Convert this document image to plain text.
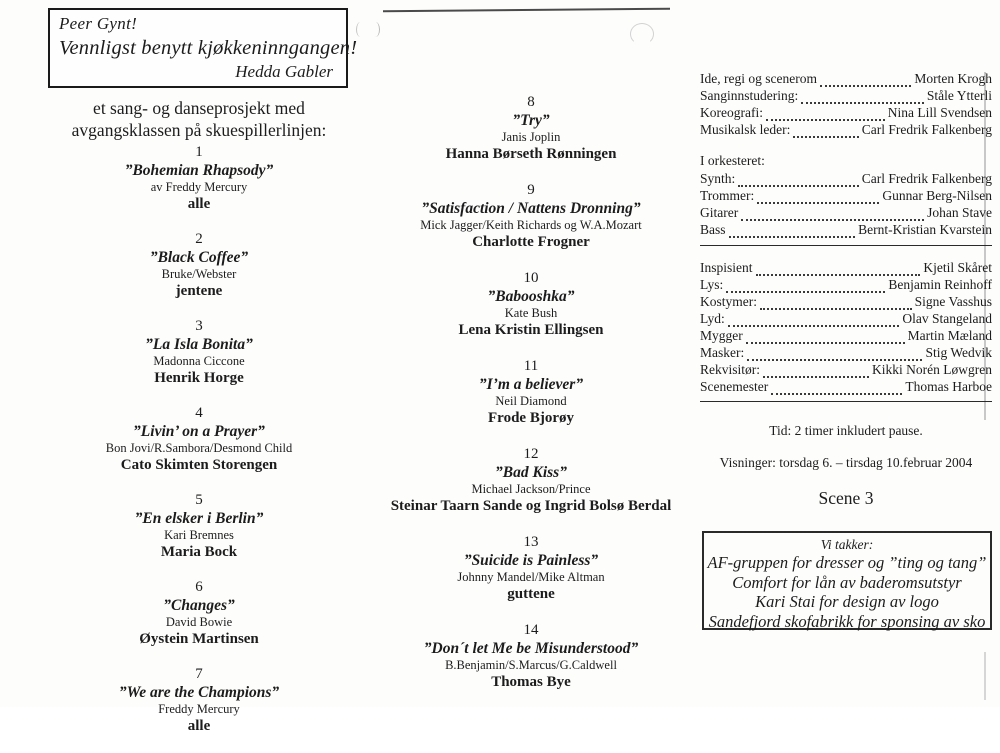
Peer Gynt!
Vennligst benytt kjøkkeninngangen!
Hedda Gabler
et sang- og danseprosjekt med
avgangsklassen på skuespillerlinjen:
1
”Bohemian Rhapsody”
av Freddy Mercury
alle
2
”Black Coffee”
Bruke/Webster
jentene
3
”La Isla Bonita”
Madonna Ciccone
Henrik Horge
4
”Livin’ on a Prayer”
Bon Jovi/R.Sambora/Desmond Child
Cato Skimten Storengen
5
”En elsker i Berlin”
Kari Bremnes
Maria Bock
6
”Changes”
David Bowie
Øystein Martinsen
7
”We are the Champions”
Freddy Mercury
alle
8
”Try”
Janis Joplin
Hanna Børseth Rønningen
9
”Satisfaction / Nattens Dronning”
Mick Jagger/Keith Richards og W.A.Mozart
Charlotte Frogner
10
”Babooshka”
Kate Bush
Lena Kristin Ellingsen
11
”I’m a believer”
Neil Diamond
Frode Bjorøy
12
”Bad Kiss”
Michael Jackson/Prince
Steinar Taarn Sande og Ingrid Bolsø Berdal
13
”Suicide is Painless”
Johnny Mandel/Mike Altman
guttene
14
”Don´t let Me be Misunderstood”
B.Benjamin/S.Marcus/G.Caldwell
Thomas Bye
Ide, regi og scenerom	Morten Krogh
Sanginnstudering:	Ståle Ytterli
Koreografi:	Nina Lill Svendsen
Musikalsk leder:	Carl Fredrik Falkenberg
I orkesteret:
Synth:	Carl Fredrik Falkenberg
Trommer:	Gunnar Berg-Nilsen
Gitarer	Johan Stave
Bass	Bernt-Kristian Kvarstein
Inspisient	Kjetil Skåret
Lys:	Benjamin Reinhoff
Kostymer:	Signe Vasshus
Lyd:	Olav Stangeland
Mygger	Martin Mæland
Masker:	Stig Wedvik
Rekvisitør:	Kikki Norén Løwgren
Scenemester	Thomas Harboe
Tid: 2 timer inkludert pause.
Visninger: torsdag 6. – tirsdag 10.februar 2004
Scene 3
Vi takker:
AF-gruppen for dresser og ”ting og tang”
Comfort for lån av baderomsutstyr
Kari Stai for design av logo
Sandefjord skofabrikk for sponsing av sko
